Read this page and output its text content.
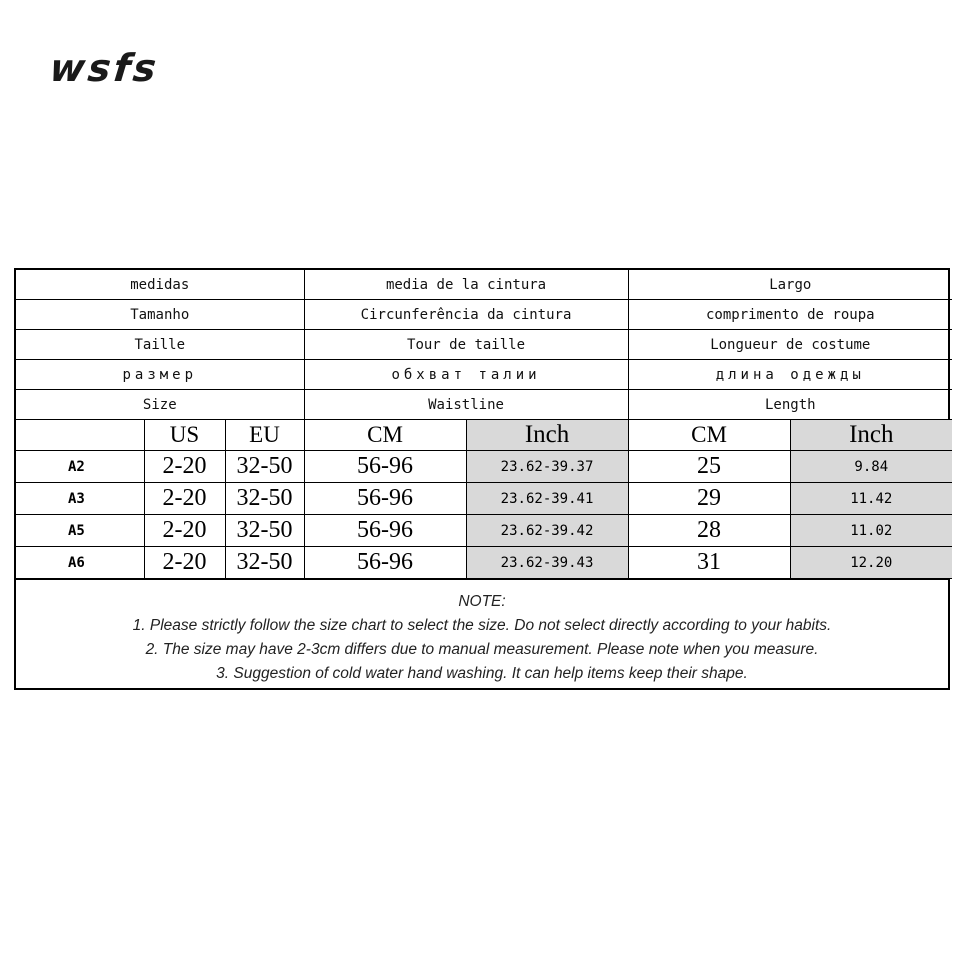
wsfs
medidas			media de la cintura		Largo	
Tamanho			Circunferência da cintura		comprimento de roupa	
Taille			Tour de taille		Longueur de costume	
размер			обхват талии		длина одежды	
Size			Waistline		Length	
	US	EU	CM	Inch	CM	Inch
A2	2-20	32-50	56-96	23.62-39.37	25	9.84
A3	2-20	32-50	56-96	23.62-39.41	29	11.42
A5	2-20	32-50	56-96	23.62-39.42	28	11.02
A6	2-20	32-50	56-96	23.62-39.43	31	12.20
NOTE:
1. Please strictly follow the size chart to select the size. Do not select directly according to your habits.
2. The size may have 2-3cm differs due to manual measurement. Please note when you measure.
3. Suggestion of cold water hand washing. It can help items keep their shape.
